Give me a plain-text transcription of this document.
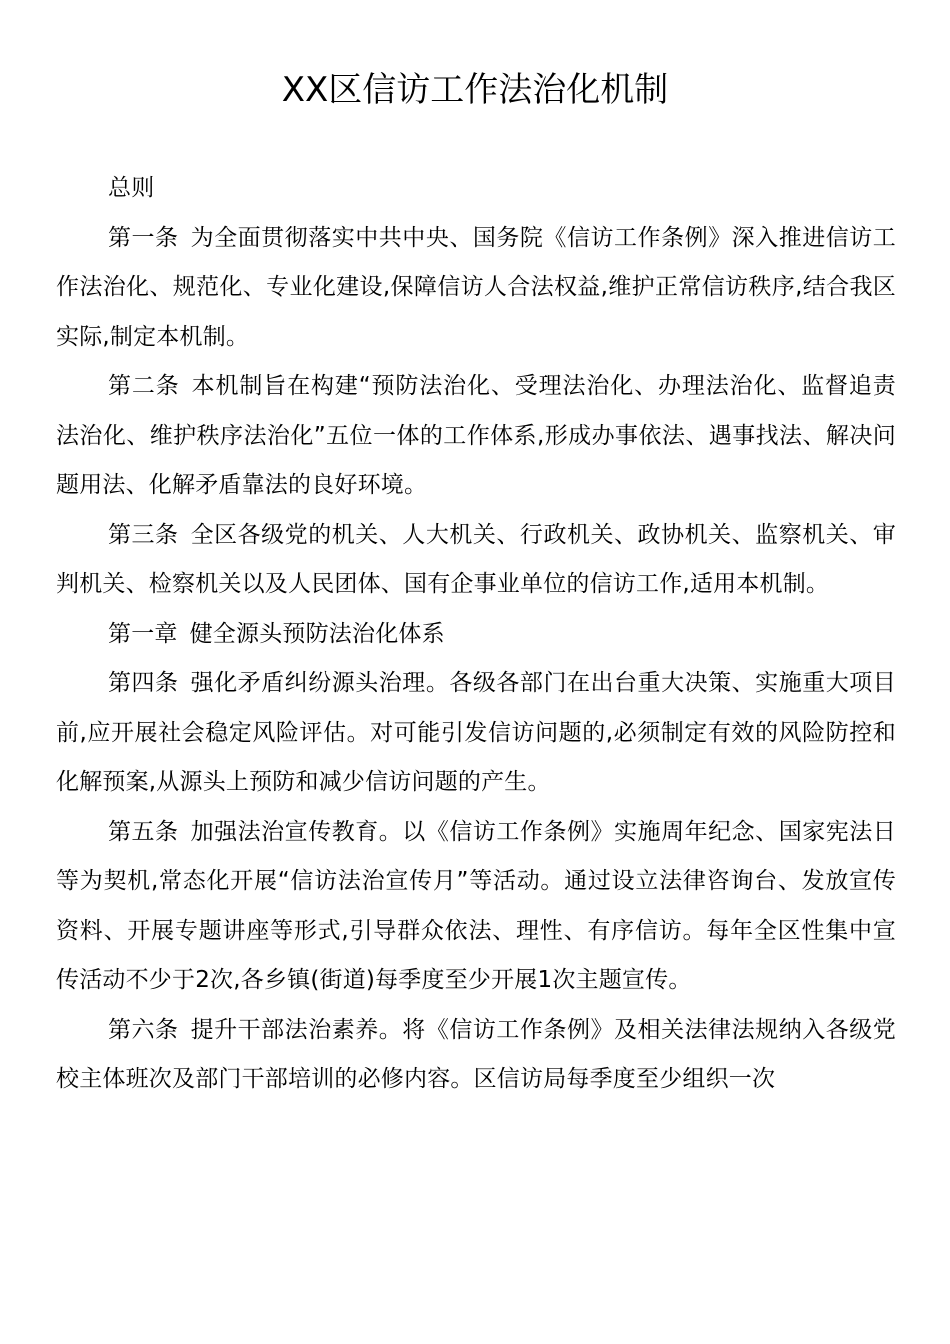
XX区信访工作法治化机制

总则

第一条 为全面贯彻落实中共中央、国务院《信访工作条例》深入推进信访工作法治化、规范化、专业化建设,保障信访人合法权益,维护正常信访秩序,结合我区实际,制定本机制。

第二条 本机制旨在构建“预防法治化、受理法治化、办理法治化、监督追责法治化、维护秩序法治化”五位一体的工作体系,形成办事依法、遇事找法、解决问题用法、化解矛盾靠法的良好环境。

第三条 全区各级党的机关、人大机关、行政机关、政协机关、监察机关、审判机关、检察机关以及人民团体、国有企事业单位的信访工作,适用本机制。

第一章 健全源头预防法治化体系

第四条 强化矛盾纠纷源头治理。各级各部门在出台重大决策、实施重大项目前,应开展社会稳定风险评估。对可能引发信访问题的,必须制定有效的风险防控和化解预案,从源头上预防和减少信访问题的产生。

第五条 加强法治宣传教育。以《信访工作条例》实施周年纪念、国家宪法日等为契机,常态化开展“信访法治宣传月”等活动。通过设立法律咨询台、发放宣传资料、开展专题讲座等形式,引导群众依法、理性、有序信访。每年全区性集中宣传活动不少于2次,各乡镇(街道)每季度至少开展1次主题宣传。

第六条 提升干部法治素养。将《信访工作条例》及相关法律法规纳入各级党校主体班次及部门干部培训的必修内容。区信访局每季度至少组织一次
